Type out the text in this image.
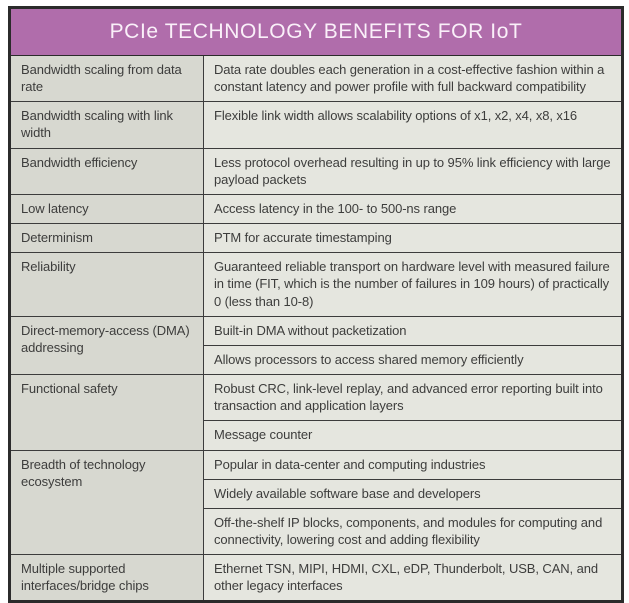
PCIe TECHNOLOGY BENEFITS FOR IoT	
Bandwidth scaling from data rate	Data rate doubles each generation in a cost-effective fashion within a constant latency and power profile with full backward compatibility
Bandwidth scaling with link width	Flexible link width allows scalability options of x1, x2, x4, x8, x16
Bandwidth efficiency	Less protocol overhead resulting in up to 95% link efficiency with large payload packets
Low latency	Access latency in the 100- to 500-ns range
Determinism	PTM for accurate timestamping
Reliability	Guaranteed reliable transport on hardware level with measured failure in time (FIT, which is the number of failures in 109 hours) of practically 0 (less than 10-8)
Direct-memory-access (DMA) addressing	Built-in DMA without packetization
	Allows processors to access shared memory efficiently
Functional safety	Robust CRC, link-level replay, and advanced error reporting built into transaction and application layers
	Message counter
Breadth of technology ecosystem	Popular in data-center and computing industries
	Widely available software base and developers
	Off-the-shelf IP blocks, components, and modules for computing and connectivity, lowering cost and adding flexibility
Multiple supported interfaces/bridge chips	Ethernet TSN, MIPI, HDMI, CXL, eDP, Thunderbolt, USB, CAN, and other legacy interfaces
